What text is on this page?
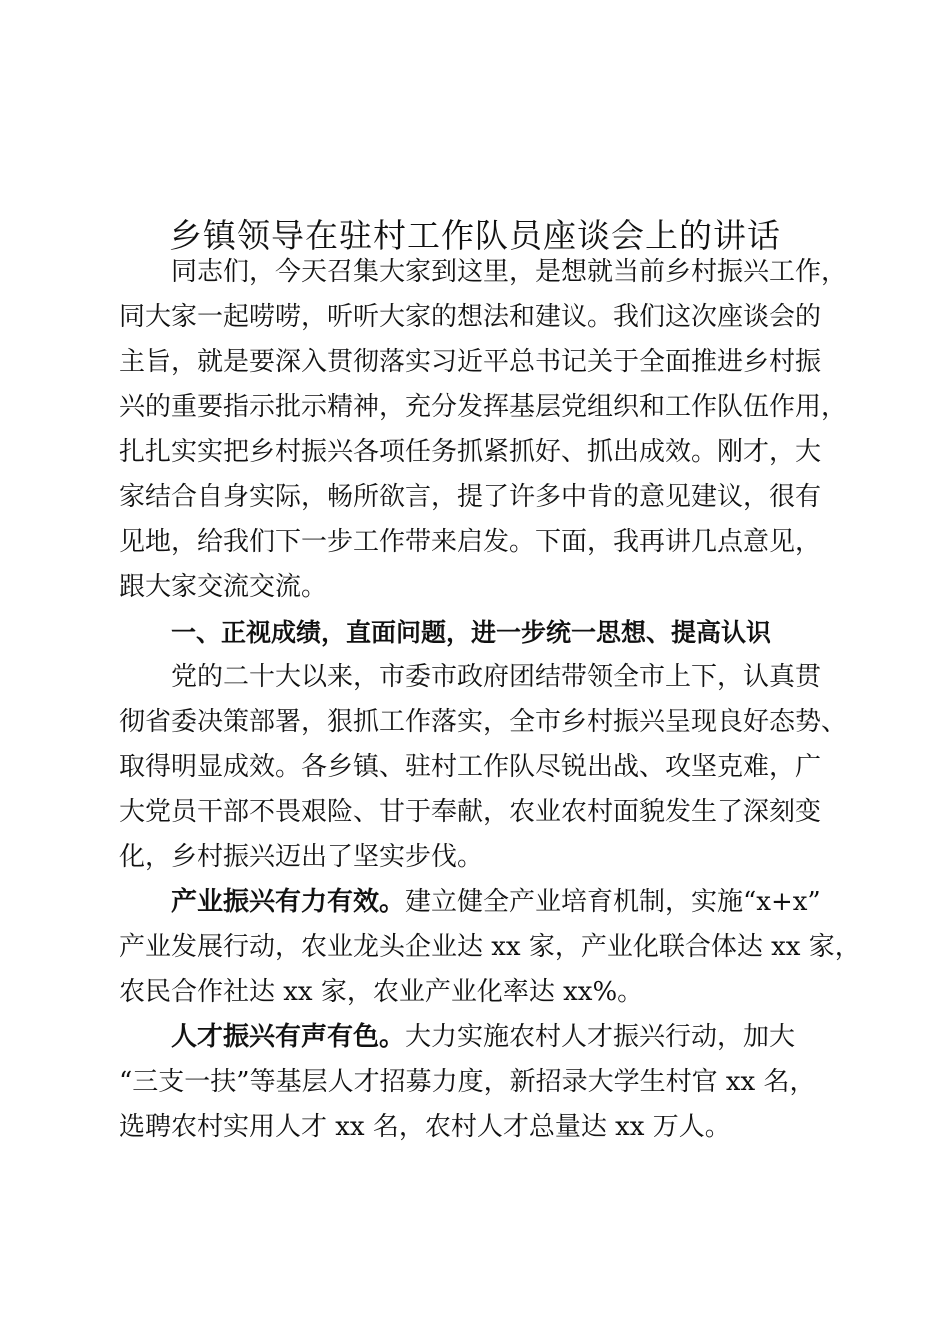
乡镇领导在驻村工作队员座谈会上的讲话
同志们，今天召集大家到这里，是想就当前乡村振兴工作，
同大家一起唠唠，听听大家的想法和建议。我们这次座谈会的
主旨，就是要深入贯彻落实习近平总书记关于全面推进乡村振
兴的重要指示批示精神，充分发挥基层党组织和工作队伍作用，
扎扎实实把乡村振兴各项任务抓紧抓好、抓出成效。刚才，大
家结合自身实际，畅所欲言，提了许多中肯的意见建议，很有
见地，给我们下一步工作带来启发。下面，我再讲几点意见，
跟大家交流交流。
一、正视成绩，直面问题，进一步统一思想、提高认识
党的二十大以来，市委市政府团结带领全市上下，认真贯
彻省委决策部署，狠抓工作落实，全市乡村振兴呈现良好态势、
取得明显成效。各乡镇、驻村工作队尽锐出战、攻坚克难，广
大党员干部不畏艰险、甘于奉献，农业农村面貌发生了深刻变
化，乡村振兴迈出了坚实步伐。
产业振兴有力有效。建立健全产业培育机制，实施“x+x”
产业发展行动，农业龙头企业达 xx 家，产业化联合体达 xx 家，
农民合作社达 xx 家，农业产业化率达 xx%。
人才振兴有声有色。大力实施农村人才振兴行动，加大
“三支一扶”等基层人才招募力度，新招录大学生村官 xx 名，
选聘农村实用人才 xx 名，农村人才总量达 xx 万人。
